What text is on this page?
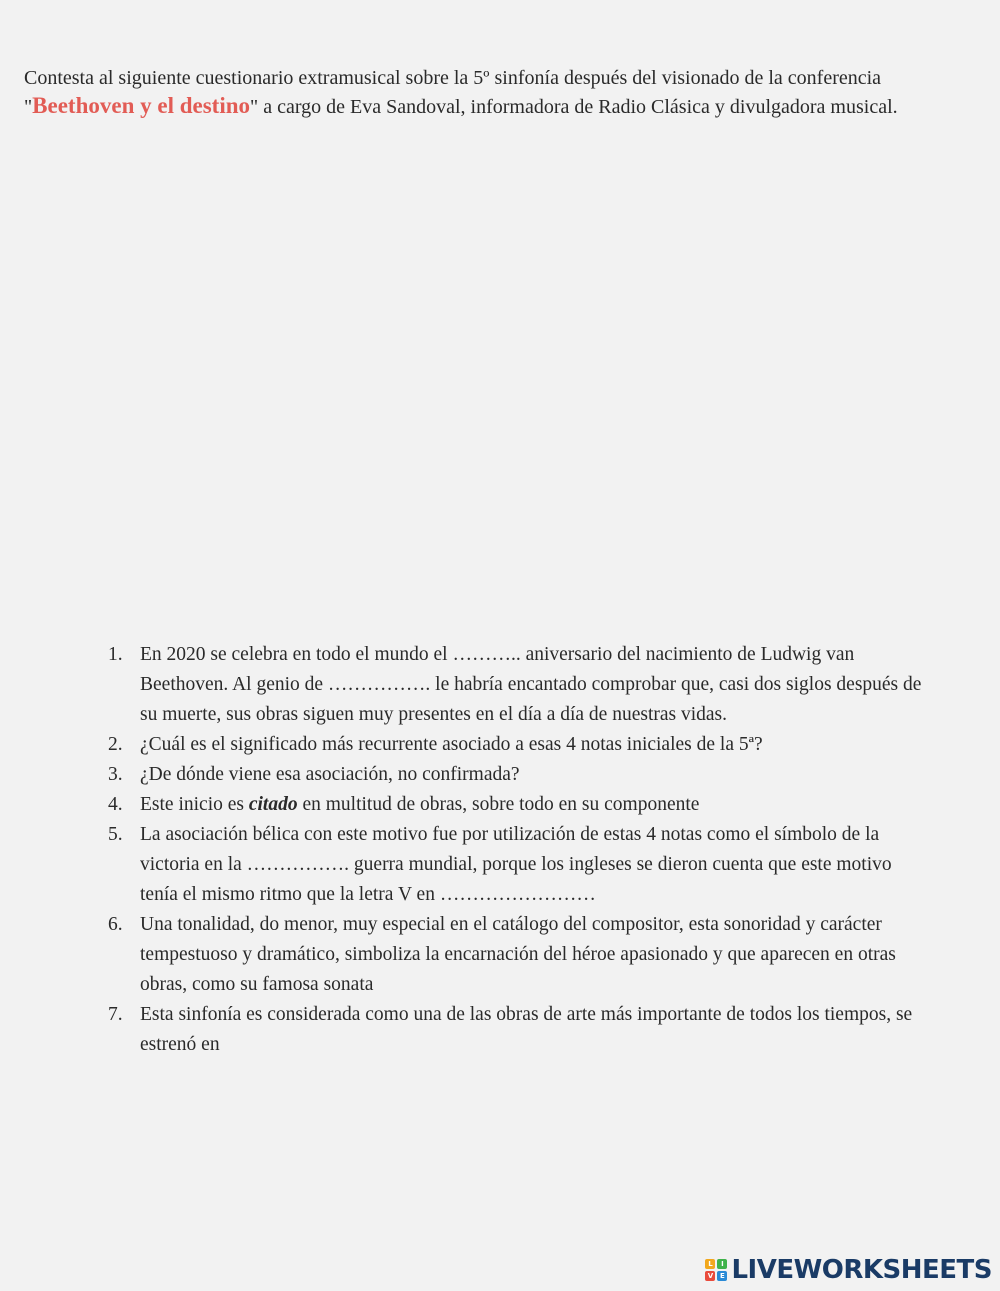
Contesta al siguiente cuestionario extramusical sobre la 5º sinfonía después del visionado de la conferencia "Beethoven y el destino" a cargo de Eva Sandoval, informadora de Radio Clásica y divulgadora musical.
1. En 2020 se celebra en todo el mundo el ……….. aniversario del nacimiento de Ludwig van Beethoven. Al genio de ……………. le habría encantado comprobar que, casi dos siglos después de su muerte, sus obras siguen muy presentes en el día a día de nuestras vidas.
2. ¿Cuál es el significado más recurrente asociado a esas 4 notas iniciales de la 5ª?
3. ¿De dónde viene esa asociación, no confirmada?
4. Este inicio es citado en multitud de obras, sobre todo en su componente
5. La asociación bélica con este motivo fue por utilización de estas 4 notas como el símbolo de la victoria en la ……………. guerra mundial, porque los ingleses se dieron cuenta que este motivo tenía el mismo ritmo que la letra V en ……………………
6. Una tonalidad, do menor, muy especial en el catálogo del compositor, esta sonoridad y carácter tempestuoso y dramático, simboliza la encarnación del héroe apasionado y que aparecen en otras obras, como su famosa sonata
7. Esta sinfonía es considerada como una de las obras de arte más importante de todos los tiempos, se estrenó en
L	I
V E LIVEWORKSHEETS
